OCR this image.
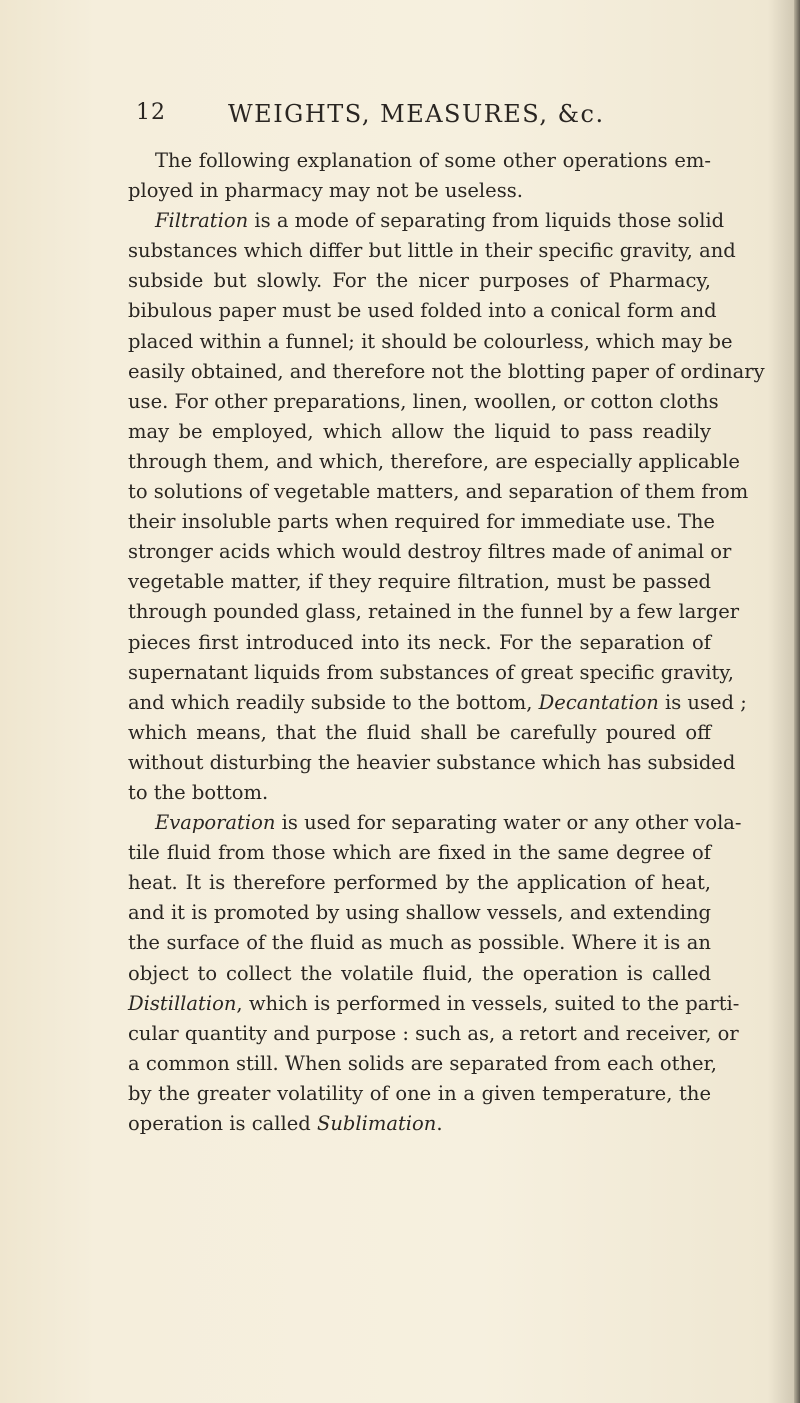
12	WEIGHTS, MEASURES, &c.

The following explanation of some other operations em-
ployed in pharmacy may not be useless.

Filtration is a mode of separating from liquids those solid
substances which differ but little in their specific gravity, and
subside but slowly. For the nicer purposes of Pharmacy,
bibulous paper must be used folded into a conical form and
placed within a funnel; it should be colourless, which may be
easily obtained, and therefore not the blotting paper of ordinary
use. For other preparations, linen, woollen, or cotton cloths
may be employed, which allow the liquid to pass readily
through them, and which, therefore, are especially applicable
to solutions of vegetable matters, and separation of them from
their insoluble parts when required for immediate use. The
stronger acids which would destroy filtres made of animal or
vegetable matter, if they require filtration, must be passed
through pounded glass, retained in the funnel by a few larger
pieces first introduced into its neck. For the separation of
supernatant liquids from substances of great specific gravity,
and which readily subside to the bottom, Decantation is used ;
which means, that the fluid shall be carefully poured off
without disturbing the heavier substance which has subsided
to the bottom.

Evaporation is used for separating water or any other vola-
tile fluid from those which are fixed in the same degree of
heat. It is therefore performed by the application of heat,
and it is promoted by using shallow vessels, and extending
the surface of the fluid as much as possible. Where it is an
object to collect the volatile fluid, the operation is called
Distillation, which is performed in vessels, suited to the parti-
cular quantity and purpose : such as, a retort and receiver, or
a common still. When solids are separated from each other,
by the greater volatility of one in a given temperature, the
operation is called Sublimation.
